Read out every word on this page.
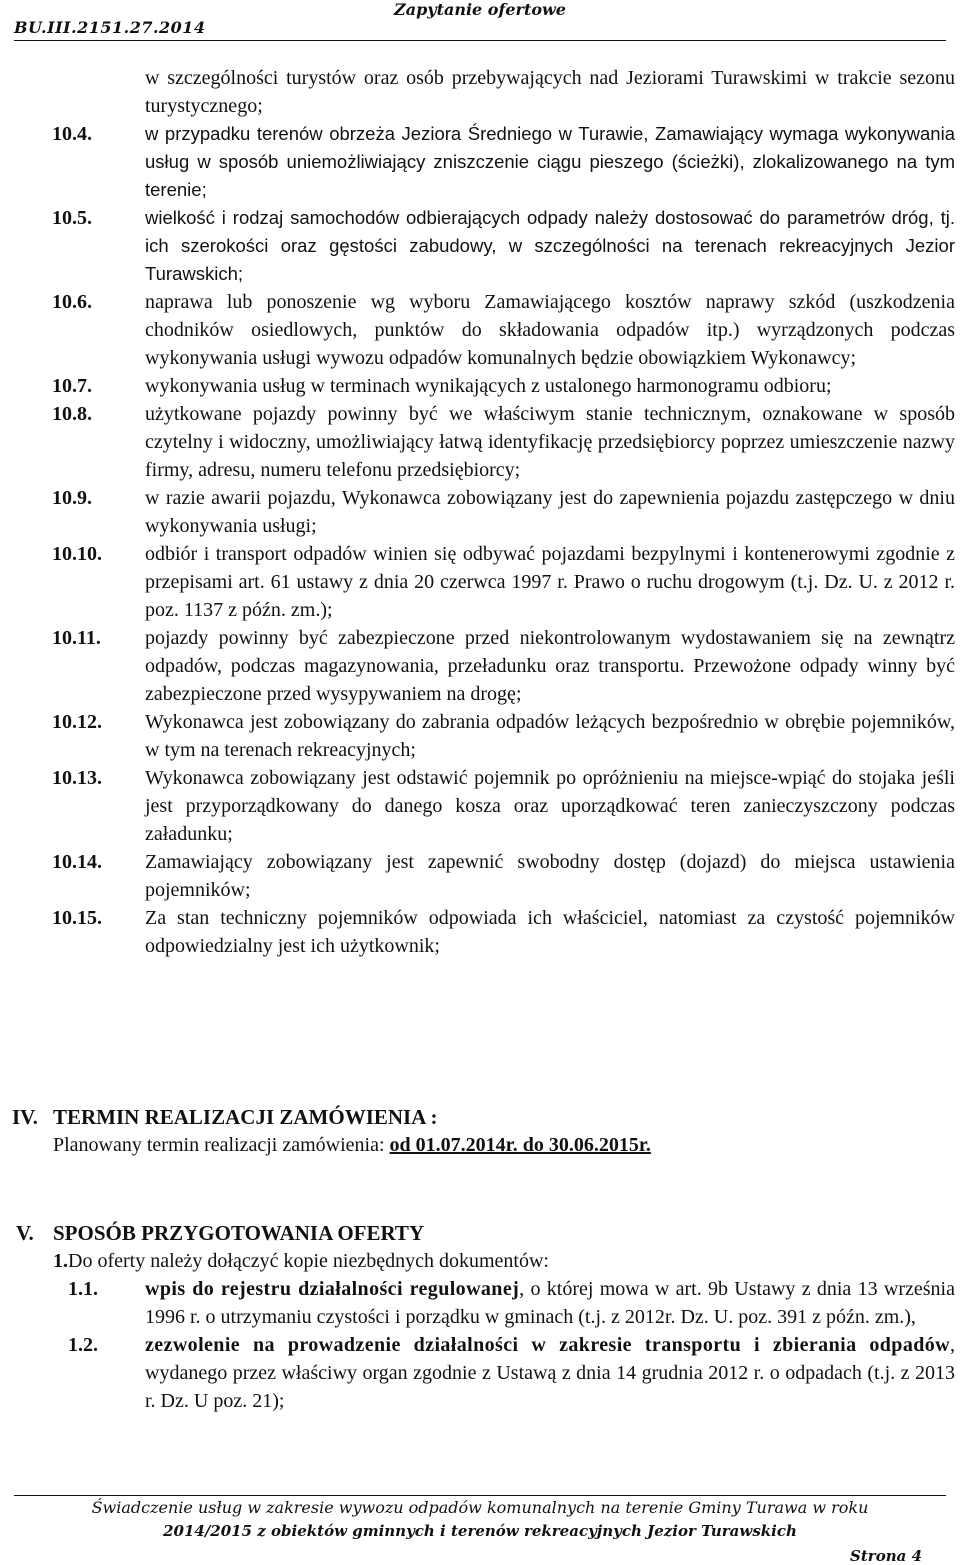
Zapytanie ofertowe
BU.III.2151.27.2014
w szczególności turystów oraz osób przebywających nad Jeziorami Turawskimi w trakcie sezonu turystycznego;
10.4.	w przypadku terenów obrzeża Jeziora Średniego w Turawie, Zamawiający wymaga wykonywania usług w sposób uniemożliwiający zniszczenie ciągu pieszego (ścieżki), zlokalizowanego na tym terenie;
10.5.	wielkość i rodzaj samochodów odbierających odpady należy dostosować do parametrów dróg, tj. ich szerokości oraz gęstości zabudowy, w szczególności na terenach rekreacyjnych Jezior Turawskich;
10.6.	naprawa lub ponoszenie wg wyboru Zamawiającego kosztów naprawy szkód (uszkodzenia chodników osiedlowych, punktów do składowania odpadów itp.) wyrządzonych podczas wykonywania usługi wywozu odpadów komunalnych będzie obowiązkiem Wykonawcy;
10.7.	wykonywania usług w terminach wynikających z ustalonego harmonogramu odbioru;
10.8.	użytkowane pojazdy powinny być we właściwym stanie technicznym, oznakowane w sposób czytelny i widoczny, umożliwiający łatwą identyfikację przedsiębiorcy poprzez umieszczenie nazwy firmy, adresu, numeru telefonu przedsiębiorcy;
10.9.	w razie awarii pojazdu, Wykonawca zobowiązany jest do zapewnienia pojazdu zastępczego w dniu wykonywania usługi;
10.10. odbiór i transport odpadów winien się odbywać pojazdami bezpylnymi i kontenerowymi zgodnie z przepisami art. 61 ustawy z dnia 20 czerwca 1997 r. Prawo o ruchu drogowym (t.j. Dz. U. z 2012 r. poz. 1137 z późn. zm.);
10.11. pojazdy powinny być zabezpieczone przed niekontrolowanym wydostawaniem się na zewnątrz odpadów, podczas magazynowania, przeładunku oraz transportu. Przewożone odpady winny być zabezpieczone przed wysypywaniem na drogę;
10.12. Wykonawca jest zobowiązany do zabrania odpadów leżących bezpośrednio w obrębie pojemników, w tym na terenach rekreacyjnych;
10.13. Wykonawca zobowiązany jest odstawić pojemnik po opróżnieniu na miejsce-wpiąć do stojaka jeśli jest przyporządkowany do danego kosza oraz uporządkować teren zanieczyszczony podczas załadunku;
10.14. Zamawiający zobowiązany jest zapewnić swobodny dostęp (dojazd) do miejsca ustawienia pojemników;
10.15. Za stan techniczny pojemników odpowiada ich właściciel, natomiast za czystość pojemników odpowiedzialny jest ich użytkownik;
IV. TERMIN REALIZACJI ZAMÓWIENIA :
Planowany termin realizacji zamówienia: od 01.07.2014r. do 30.06.2015r.
V. SPOSÓB PRZYGOTOWANIA OFERTY
1.Do oferty należy dołączyć kopie niezbędnych dokumentów:
1.1. wpis do rejestru działalności regulowanej, o której mowa w art. 9b Ustawy z dnia 13 września 1996 r. o utrzymaniu czystości i porządku w gminach (t.j. z 2012r. Dz. U. poz. 391 z późn. zm.),
1.2. zezwolenie na prowadzenie działalności w zakresie transportu i zbierania odpadów, wydanego przez właściwy organ zgodnie z Ustawą z dnia 14 grudnia 2012 r. o odpadach (t.j. z 2013 r. Dz. U poz. 21);
Świadczenie usług w zakresie wywozu odpadów komunalnych na terenie Gminy Turawa w roku
2014/2015 z obiektów gminnych i terenów rekreacyjnych Jezior Turawskich
Strona 4
